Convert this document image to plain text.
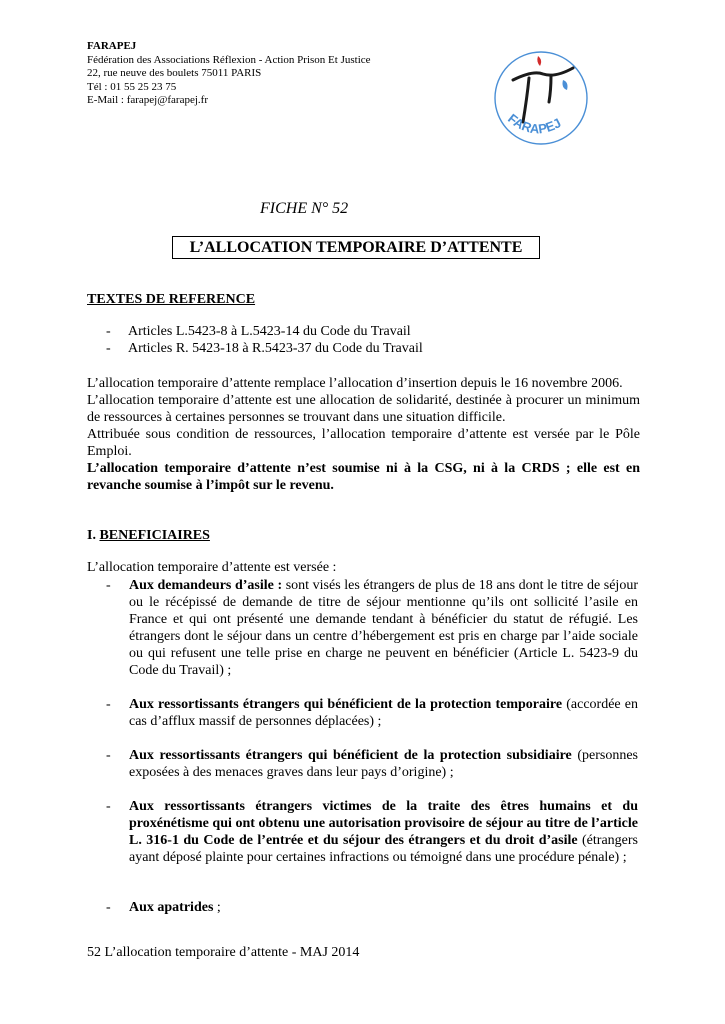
FARAPEJ
Fédération des Associations Réflexion - Action Prison Et Justice
22, rue neuve des boulets 75011 PARIS
Tél : 01 55 25 23 75
E-Mail : farapej@farapej.fr
FARAPEJ
FICHE N° 52
L’ALLOCATION TEMPORAIRE D’ATTENTE
TEXTES DE REFERENCE
- Articles L.5423-8 à L.5423-14 du Code du Travail
- Articles R. 5423-18 à R.5423-37 du Code du Travail
L’allocation temporaire d’attente remplace l’allocation d’insertion depuis le 16 novembre 2006.
L’allocation temporaire d’attente est une allocation de solidarité, destinée à procurer un minimum de ressources à certaines personnes se trouvant dans une situation difficile.
Attribuée sous condition de ressources, l’allocation temporaire d’attente est versée par le Pôle Emploi.
L’allocation temporaire d’attente n’est soumise ni à la CSG, ni à la CRDS ; elle est en revanche soumise à l’impôt sur le revenu.
I. BENEFICIAIRES
L’allocation temporaire d’attente est versée :
- Aux demandeurs d’asile : sont visés les étrangers de plus de 18 ans dont le titre de séjour ou le récépissé de demande de titre de séjour mentionne qu’ils ont sollicité l’asile en France et qui ont présenté une demande tendant à bénéficier du statut de réfugié. Les étrangers dont le séjour dans un centre d’hébergement est pris en charge par l’aide sociale ou qui refusent une telle prise en charge ne peuvent en bénéficier (Article L. 5423-9 du Code du Travail) ;
- Aux ressortissants étrangers qui bénéficient de la protection temporaire (accordée en cas d’afflux massif de personnes déplacées) ;
- Aux ressortissants étrangers qui bénéficient de la protection subsidiaire (personnes exposées à des menaces graves dans leur pays d’origine) ;
- Aux ressortissants étrangers victimes de la traite des êtres humains et du proxénétisme qui ont obtenu une autorisation provisoire de séjour au titre de l’article L. 316-1 du Code de l’entrée et du séjour des étrangers et du droit d’asile (étrangers ayant déposé plainte pour certaines infractions ou témoigné dans une procédure pénale) ;
- Aux apatrides ;
52 L’allocation temporaire d’attente - MAJ 2014
